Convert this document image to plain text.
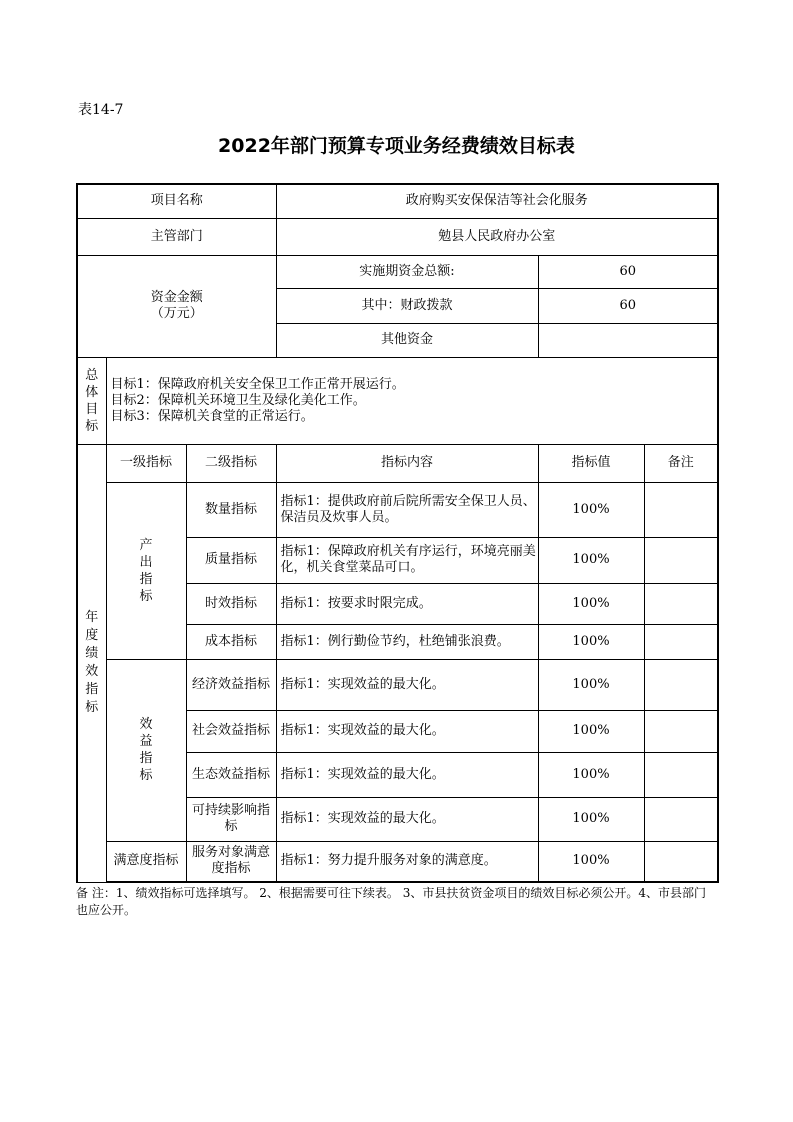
表14-7
2022年部门预算专项业务经费绩效目标表
项目名称			政府购买安保保洁等社会化服务		
主管部门			勉县人民政府办公室		

资金金额
（万元）			实施期资金总额:	60	
			其中：财政拨款	60	
			其他资金		
总体目标	目标1：保障政府机关安全保卫工作正常开展运行。
目标2：保障机关环境卫生及绿化美化工作。
目标3：保障机关食堂的正常运行。				

年度绩效指标	一级指标	二级指标	指标内容	指标值	备注
	产出指标	数量指标	指标1：提供政府前后院所需安全保卫人员、保洁员及炊事人员。	100%	
		质量指标	指标1：保障政府机关有序运行，环境亮丽美化，机关食堂菜品可口。	100%	
		时效指标	指标1：按要求时限完成。	100%	
		成本指标	指标1：例行勤俭节约，杜绝铺张浪费。	100%	
	效益指标	经济效益指标	指标1：实现效益的最大化。	100%	
		社会效益指标	指标1：实现效益的最大化。	100%	
		生态效益指标	指标1：实现效益的最大化。	100%	
		可持续影响指标	指标1：实现效益的最大化。	100%	
	满意度指标	服务对象满意度指标	指标1：努力提升服务对象的满意度。	100%	
备 注：1、绩效指标可选择填写。 2、根据需要可往下续表。 3、市县扶贫资金项目的绩效目标必须公开。4、市县部门也应公开。
